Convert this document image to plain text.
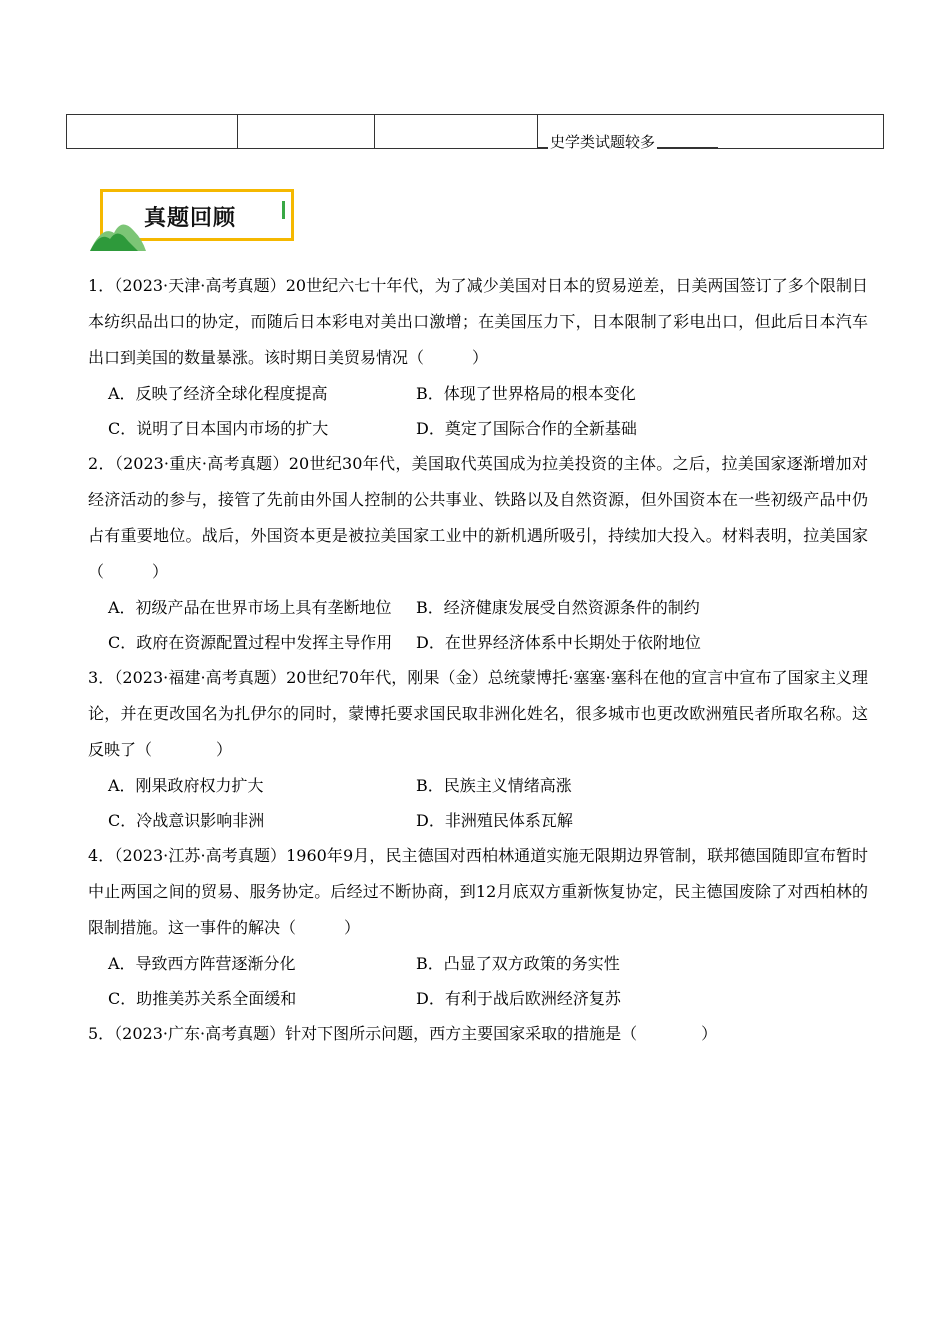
史学类试题较多
真题回顾

1．（2023·天津·高考真题）20世纪六七十年代，为了减少美国对日本的贸易逆差，日美两国签订了多个限制日本纺织品出口的协定，而随后日本彩电对美出口激增；在美国压力下，日本限制了彩电出口，但此后日本汽车出口到美国的数量暴涨。该时期日美贸易情况（　　　）

A．反映了经济全球化程度提高	B．体现了世界格局的根本变化
C．说明了日本国内市场的扩大	D．奠定了国际合作的全新基础

2．（2023·重庆·高考真题）20世纪30年代，美国取代英国成为拉美投资的主体。之后，拉美国家逐渐增加对经济活动的参与，接管了先前由外国人控制的公共事业、铁路以及自然资源，但外国资本在一些初级产品中仍占有重要地位。战后，外国资本更是被拉美国家工业中的新机遇所吸引，持续加大投入。材料表明，拉美国家（　　　）

A．初级产品在世界市场上具有垄断地位	B．经济健康发展受自然资源条件的制约
C．政府在资源配置过程中发挥主导作用	D．在世界经济体系中长期处于依附地位

3．（2023·福建·高考真题）20世纪70年代，刚果（金）总统蒙博托·塞塞·塞科在他的宣言中宣布了国家主义理论，并在更改国名为扎伊尔的同时，蒙博托要求国民取非洲化姓名，很多城市也更改欧洲殖民者所取名称。这反映了（　　　　）

A．刚果政府权力扩大	B．民族主义情绪高涨
C．冷战意识影响非洲	D．非洲殖民体系瓦解

4．（2023·江苏·高考真题）1960年9月，民主德国对西柏林通道实施无限期边界管制，联邦德国随即宣布暂时中止两国之间的贸易、服务协定。后经过不断协商，到12月底双方重新恢复协定，民主德国废除了对西柏林的限制措施。这一事件的解决（　　　）

A．导致西方阵营逐渐分化	B．凸显了双方政策的务实性
C．助推美苏关系全面缓和	D．有利于战后欧洲经济复苏

5．（2023·广东·高考真题）针对下图所示问题，西方主要国家采取的措施是（　　　　）
